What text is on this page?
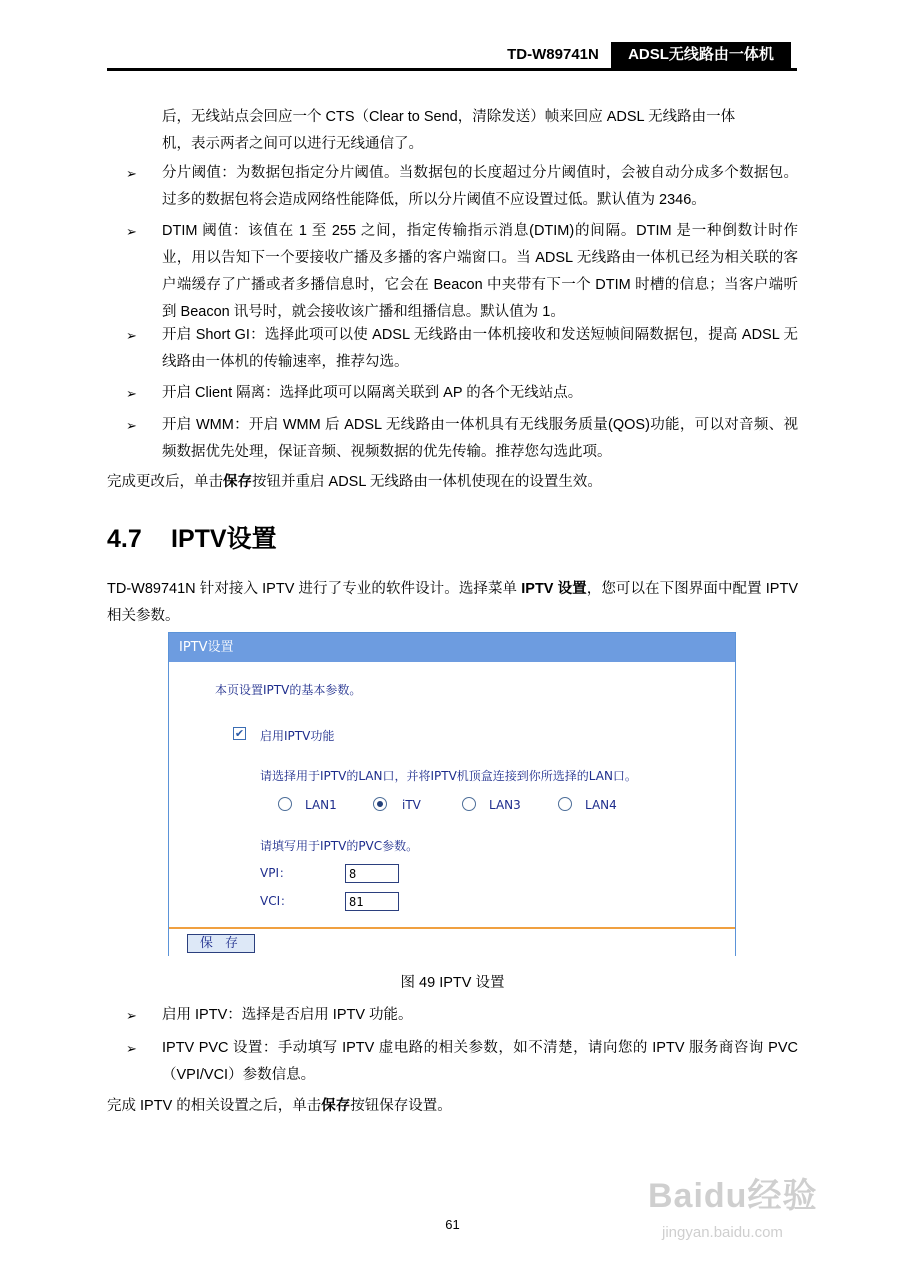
TD-W89741N	ADSL无线路由一体机

后，无线站点会回应一个 CTS（Clear to Send，清除发送）帧来回应 ADSL 无线路由一体

机，表示两者之间可以进行无线通信了。

➢ 分片阈值：为数据包指定分片阈值。当数据包的长度超过分片阈值时，会被自动分成多个数据包。过多的数据包将会造成网络性能降低，所以分片阈值不应设置过低。默认值为 2346。

➢ DTIM 阈值：该值在 1 至 255 之间，指定传输指示消息(DTIM)的间隔。DTIM 是一种倒数计时作业，用以告知下一个要接收广播及多播的客户端窗口。当 ADSL 无线路由一体机已经为相关联的客户端缓存了广播或者多播信息时，它会在 Beacon 中夹带有下一个 DTIM 时槽的信息；当客户端听到 Beacon 讯号时，就会接收该广播和组播信息。默认值为 1。

➢ 开启 Short GI：选择此项可以使 ADSL 无线路由一体机接收和发送短帧间隔数据包，提高 ADSL 无线路由一体机的传输速率，推荐勾选。

➢ 开启 Client 隔离：选择此项可以隔离关联到 AP 的各个无线站点。

➢ 开启 WMM：开启 WMM 后 ADSL 无线路由一体机具有无线服务质量(QOS)功能，可以对音频、视频数据优先处理，保证音频、视频数据的优先传输。推荐您勾选此项。

完成更改后，单击保存按钮并重启 ADSL 无线路由一体机使现在的设置生效。

4.7 IPTV设置

TD-W89741N 针对接入 IPTV 进行了专业的软件设计。选择菜单 IPTV 设置，您可以在下图界面中配置 IPTV 相关参数。

IPTV设置
本页设置IPTV的基本参数。
✔ 启用IPTV功能
请选择用于IPTV的LAN口，并将IPTV机顶盒连接到你所选择的LAN口。
LAN1	iTV	LAN3	LAN4
请填写用于IPTV的PVC参数。
VPI：	8
VCI：	81
保 存
图 49 IPTV 设置
➢ 启用 IPTV：选择是否启用 IPTV 功能。

➢ IPTV PVC 设置：手动填写 IPTV 虚电路的相关参数，如不清楚，请向您的 IPTV 服务商咨询 PVC（VPI/VCI）参数信息。

完成 IPTV 的相关设置之后，单击保存按钮保存设置。

Baidu经验
jingyan.baidu.com
61
